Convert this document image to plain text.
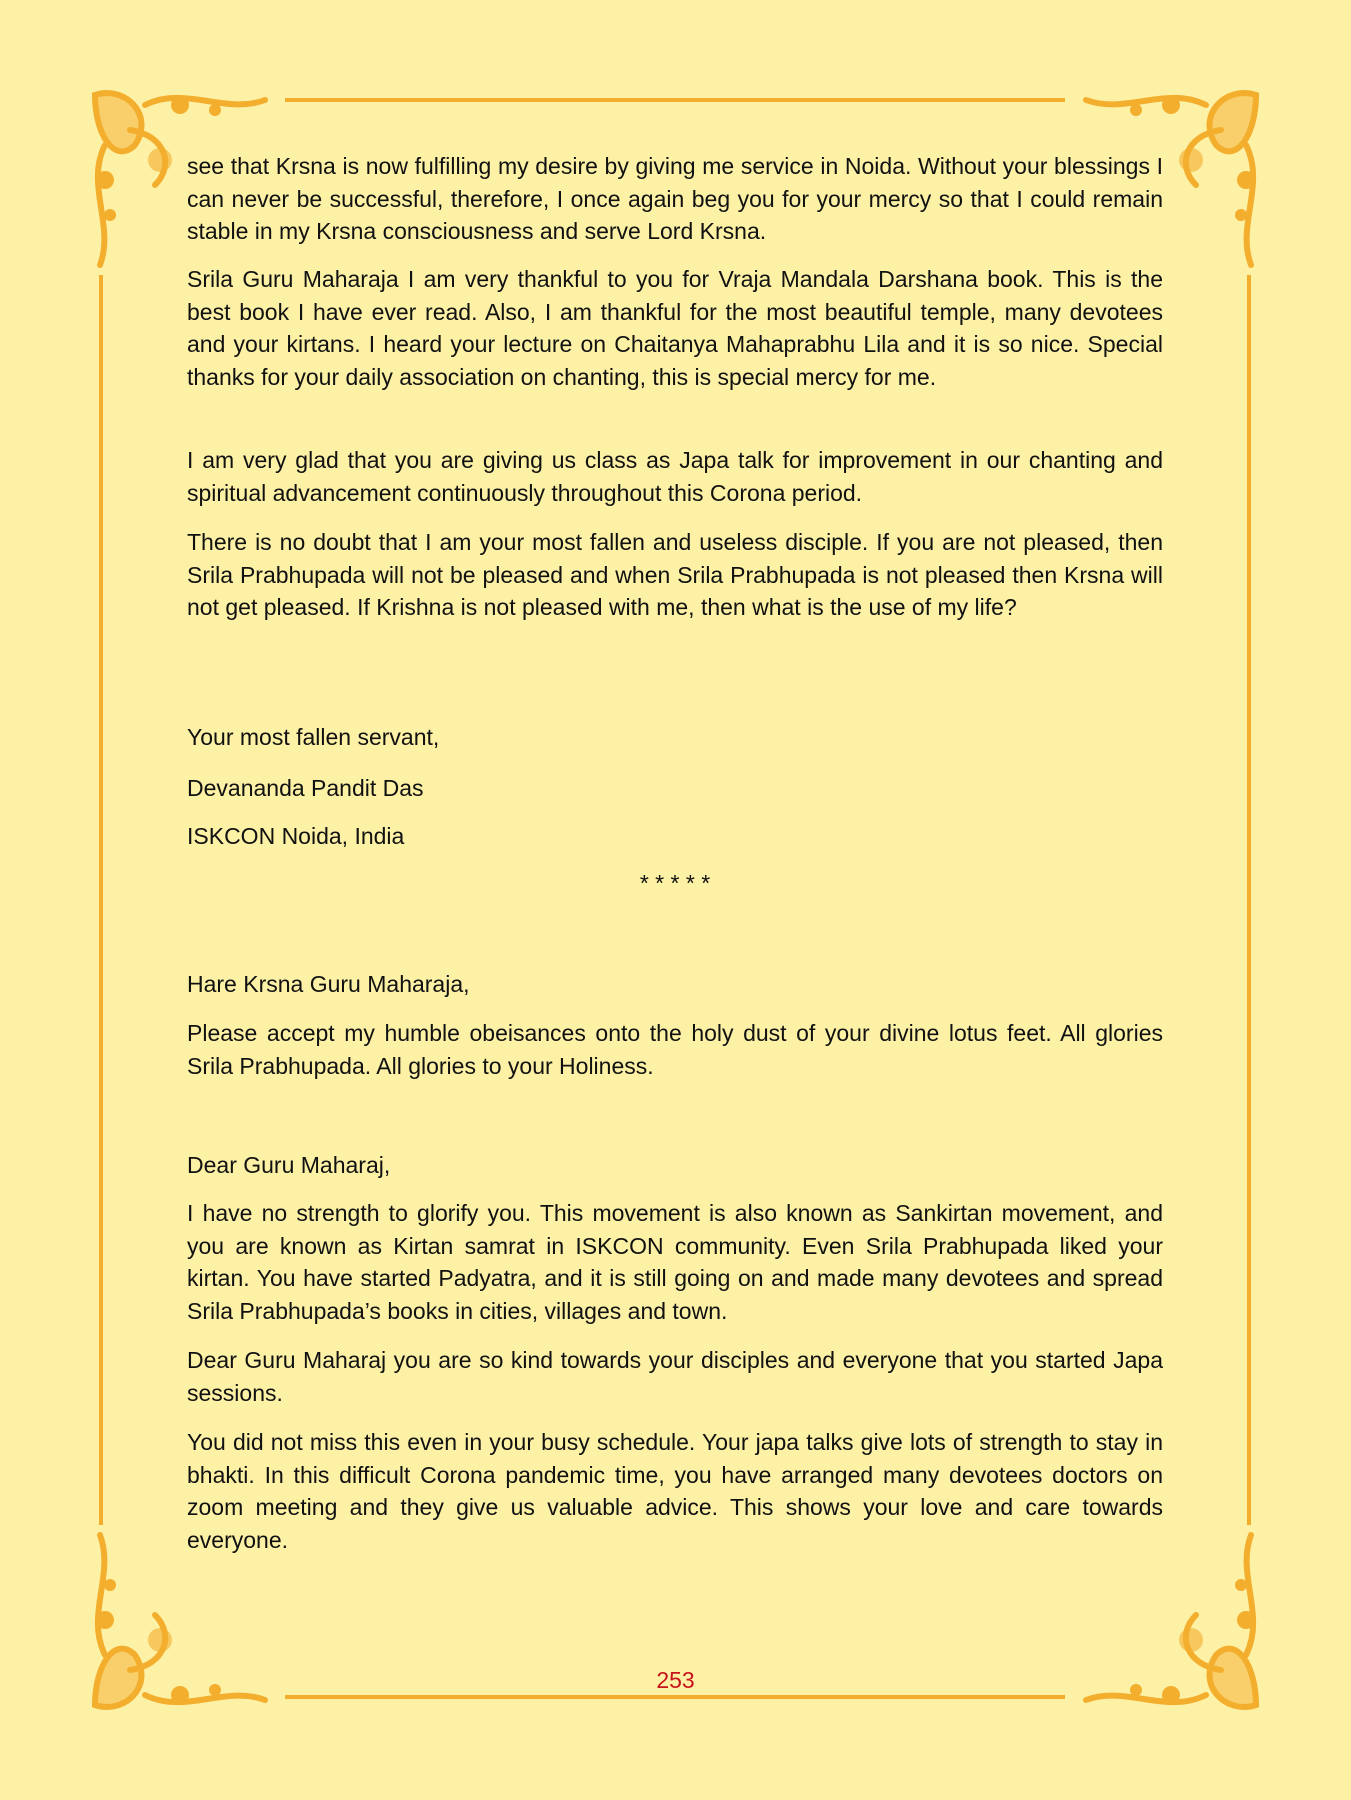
see that Krsna is now fulfilling my desire by giving me service in Noida. Without your blessings I can never be successful, therefore, I once again beg you for your mercy so that I could remain stable in my Krsna consciousness and serve Lord Krsna.

Srila Guru Maharaja I am very thankful to you for Vraja Mandala Darshana book. This is the best book I have ever read. Also, I am thankful for the most beautiful temple, many devotees and your kirtans. I heard your lecture on Chaitanya Mahaprabhu Lila and it is so nice. Special thanks for your daily association on chanting, this is special mercy for me.

I am very glad that you are giving us class as Japa talk for improvement in our chanting and spiritual advancement continuously throughout this Corona period.

There is no doubt that I am your most fallen and useless disciple. If you are not pleased, then Srila Prabhupada will not be pleased and when Srila Prabhupada is not pleased then Krsna will not get pleased. If Krishna is not pleased with me, then what is the use of my life?

Your most fallen servant,

Devananda Pandit Das

ISKCON Noida, India

* * * * *

Hare Krsna Guru Maharaja,

Please accept my humble obeisances onto the holy dust of your divine lotus feet. All glories Srila Prabhupada. All glories to your Holiness.

Dear Guru Maharaj,

I have no strength to glorify you. This movement is also known as Sankirtan movement, and you are known as Kirtan samrat in ISKCON community. Even Srila Prabhupada liked your kirtan. You have started Padyatra, and it is still going on and made many devotees and spread Srila Prabhupada’s books in cities, villages and town.

Dear Guru Maharaj you are so kind towards your disciples and everyone that you started Japa sessions.

You did not miss this even in your busy schedule. Your japa talks give lots of strength to stay in bhakti. In this difficult Corona pandemic time, you have arranged many devotees doctors on zoom meeting and they give us valuable advice. This shows your love and care towards everyone.

253
